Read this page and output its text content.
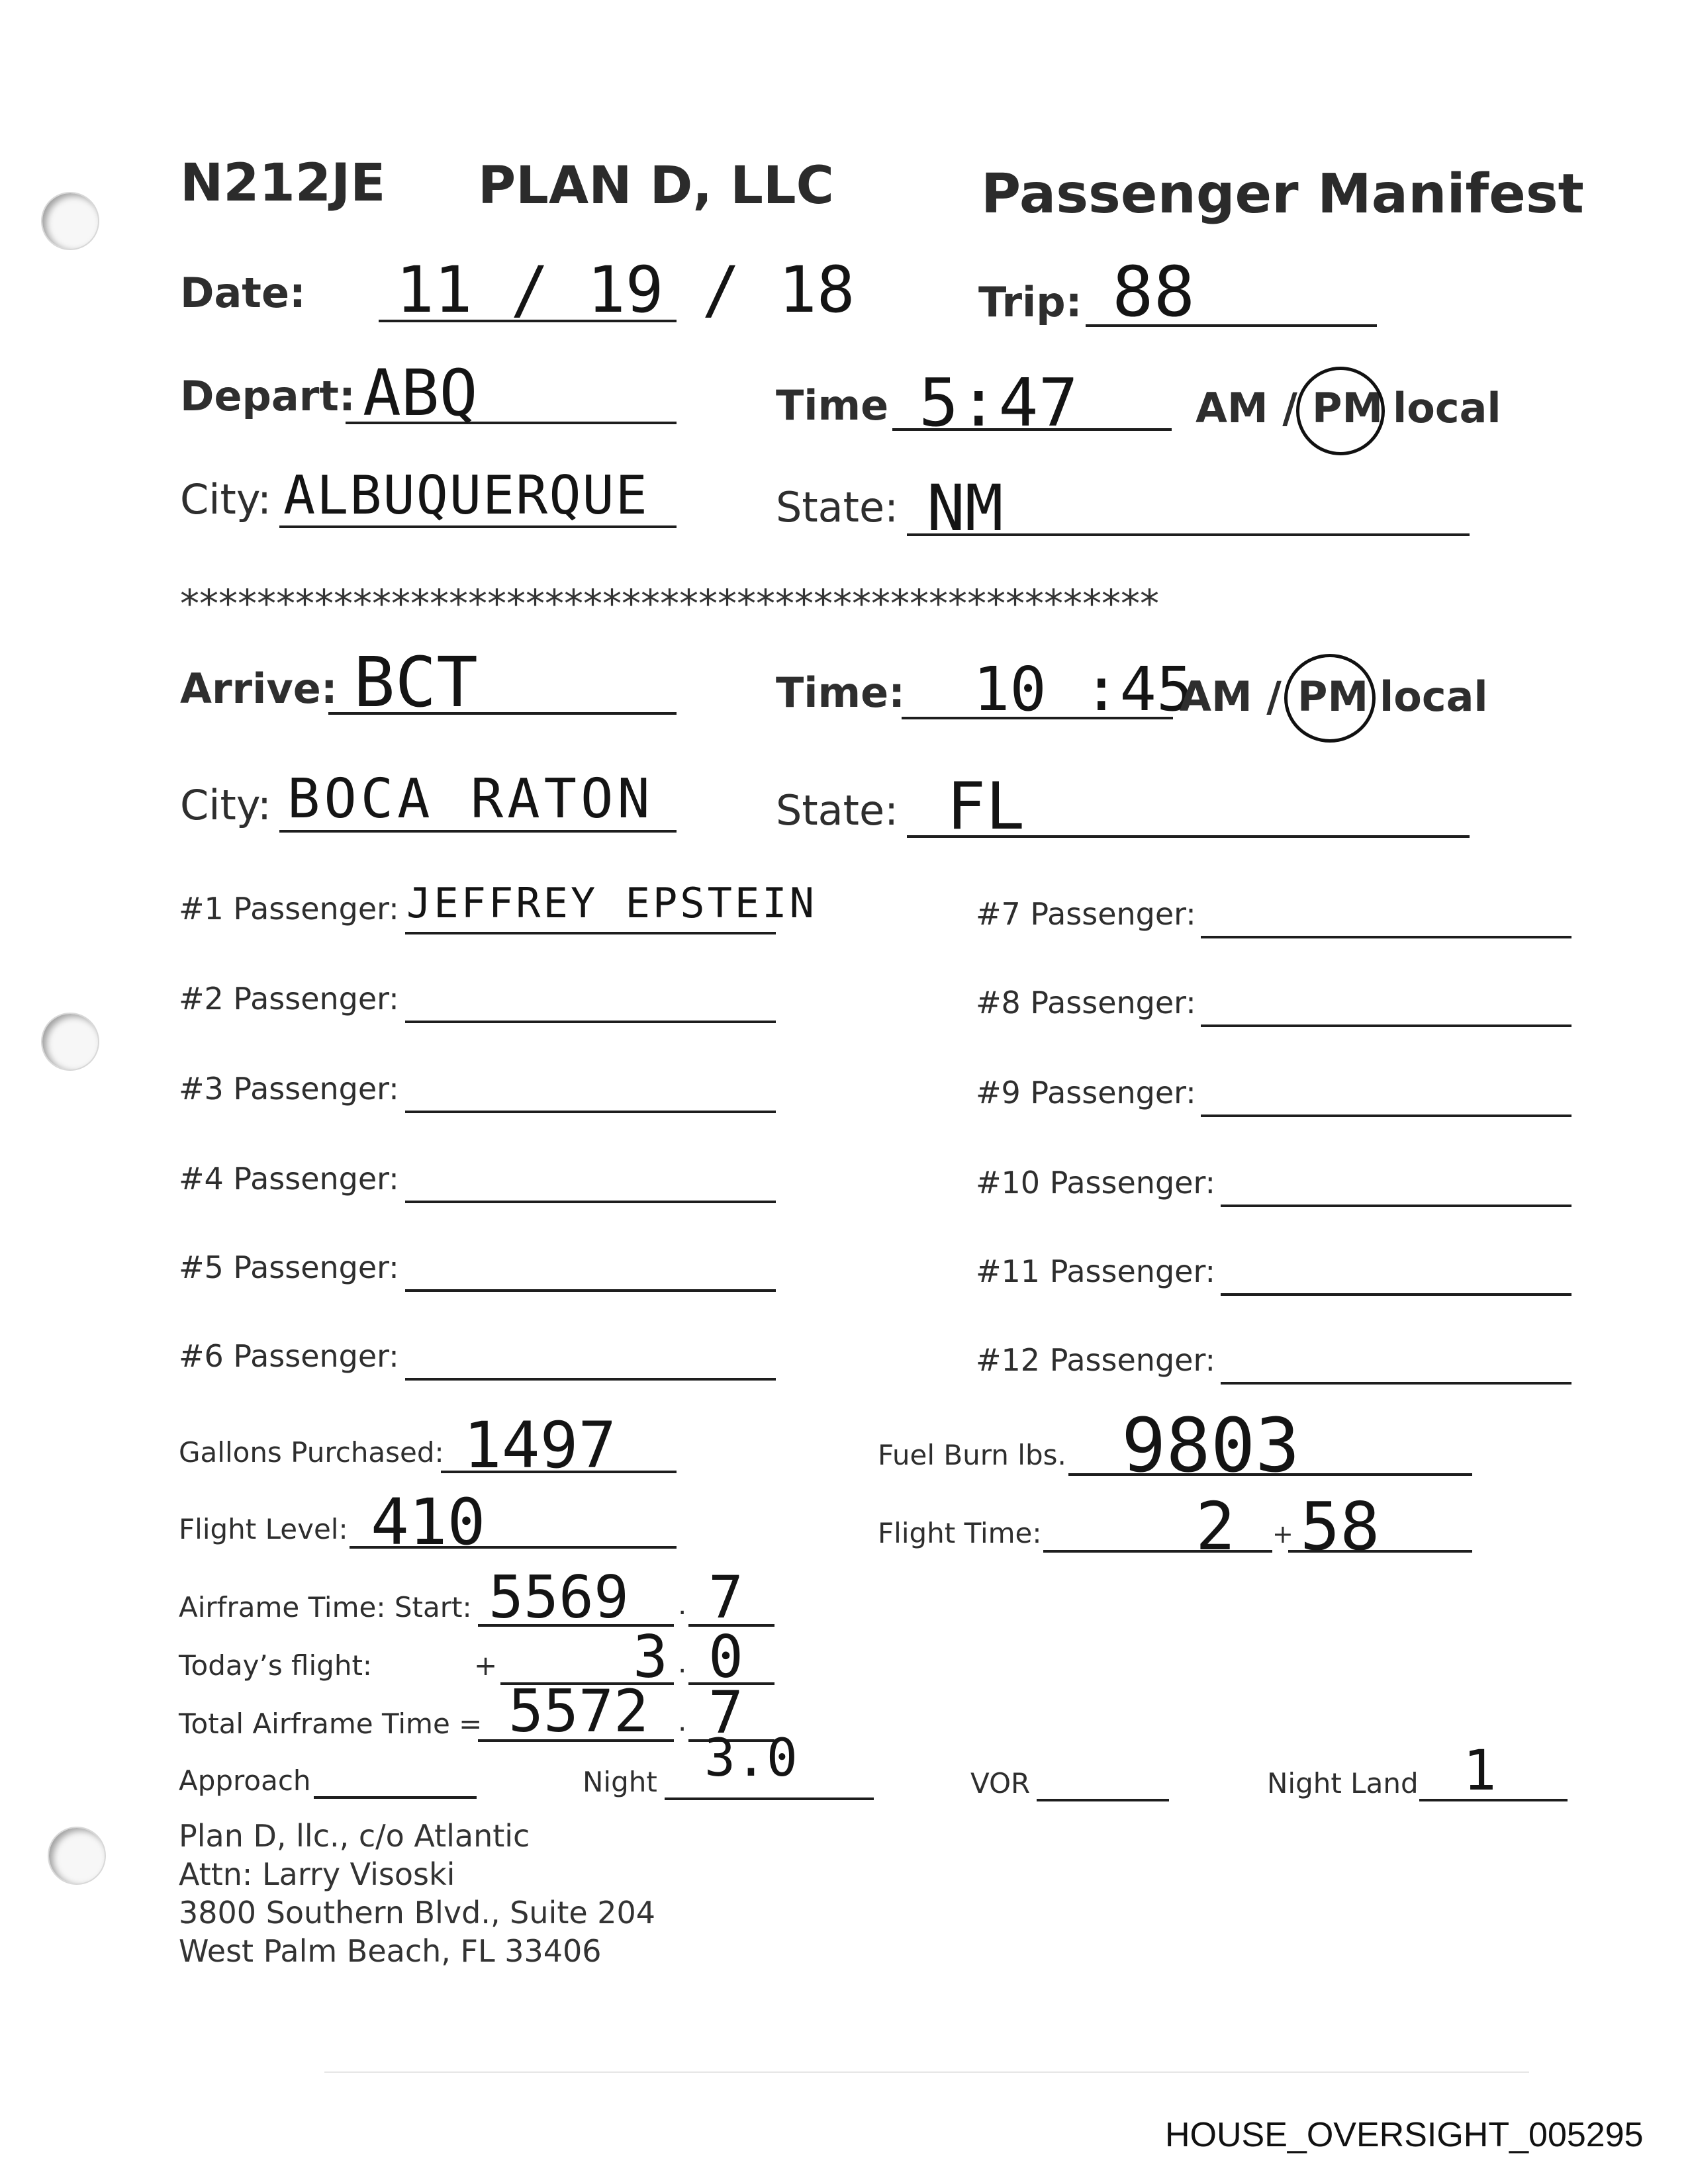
N212JE PLAN D, LLC	Passenger Manifest
Date: 11 / 19 / 18	Trip: 88
Depart: ABQ	Time 5:47	AM / PM local
City: ALBUQUERQUE	State: NM
***************************************************
Arrive: BCT	Time: 10 :45
AM / PM local
City: BOCA RATON	State: FL
#1 Passenger: JEFFREY EPSTEIN
#2 Passenger:
#3 Passenger:
#4 Passenger:
#5 Passenger:
#6 Passenger:
#7 Passenger:
#8 Passenger:
#9 Passenger:
#10 Passenger:
#11 Passenger:
#12 Passenger:
Gallons Purchased: 1497	Fuel Burn lbs. 9803
Flight Level: 410	Flight Time: 2 + 58
Airframe Time: Start: 5569 . 7
Today’s flight:	+ 3 . 0
Total Airframe Time = 5572 . 7
Approach	Night 3.0	VOR	Night Land 1
Plan D, llc., c/o Atlantic
Attn: Larry Visoski
3800 Southern Blvd., Suite 204
West Palm Beach, FL 33406
HOUSE_OVERSIGHT_005295
